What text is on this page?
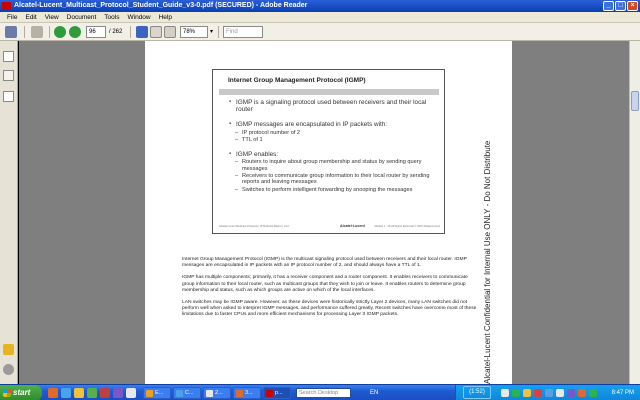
Alcatel-Lucent_Multicast_Protocol_Student_Guide_v3-0.pdf (SECURED) - Adobe Reader	_	□	×
File	Edit	View	Document	Tools	Window	Help
96	/ 262	78%	▾	Find
Internet Group Management Protocol (IGMP)
▪ IGMP is a signaling protocol used between receivers and their local router
▪ IGMP messages are encapsulated in IP packets with:
– IP protocol number of 2
– TTL of 1
▪ IGMP enables:
– Routers to inquire about group membership and status by sending query messages
– Receivers to communicate group information to their local router by sending reports and leaving messages
– Switches to perform intelligent forwarding by snooping the messages
Alcatel-Lucent Multicast Protocols | IP Multicast Basics | v3.0	Alcatel·Lucent	Module 1 · 16 All Rights Reserved © 2007 Alcatel-Lucent

Internet Group Management Protocol (IGMP) is the multicast signaling protocol used between receivers and their local router. IGMP messages are encapsulated in IP packets with an IP protocol number of 2, and should always have a TTL of 1.

IGMP has multiple components; primarily, it has a receiver component and a router component. It enables receivers to communicate group information to their local router, such as multicast groups that they wish to join or leave. It enables routers to determine group membership and status, such as which groups are active on which of the local interfaces.

LAN switches may be IGMP aware. However, as these devices were historically strictly Layer 2 devices, many LAN switches did not perform well when asked to interpret IGMP messages, and performance suffered greatly. Recent switches have overcome most of these limitations due to faster CPUs and more efficient mechanisms for processing Layer 3 IGMP packets.	Alcatel-Lucent Confidential for Internal Use ONLY - Do Not Distribute
start	E...	C...	2...	3...	p...	Search Desktop	EN	(1:52)	8:47 PM
